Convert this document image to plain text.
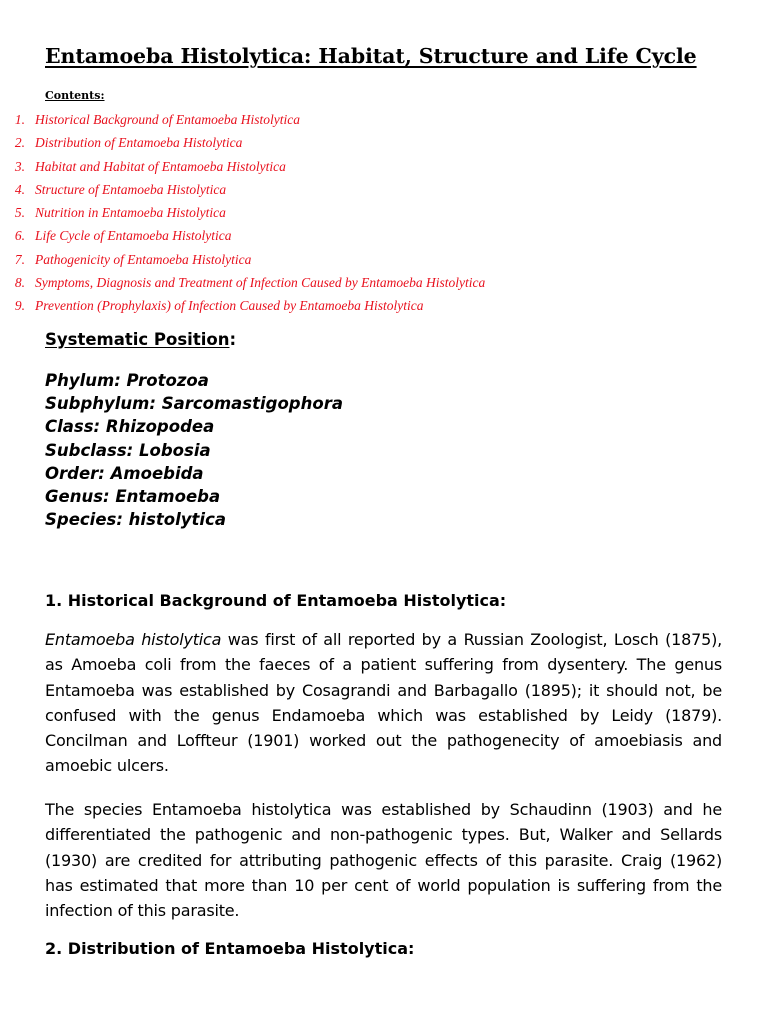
Entamoeba Histolytica: Habitat, Structure and Life Cycle
Contents:
1. Historical Background of Entamoeba Histolytica
2. Distribution of Entamoeba Histolytica
3. Habitat and Habitat of Entamoeba Histolytica
4. Structure of Entamoeba Histolytica
5. Nutrition in Entamoeba Histolytica
6. Life Cycle of Entamoeba Histolytica
7. Pathogenicity of Entamoeba Histolytica
8. Symptoms, Diagnosis and Treatment of Infection Caused by Entamoeba Histolytica
9. Prevention (Prophylaxis) of Infection Caused by Entamoeba Histolytica
Systematic Position:
Phylum: Protozoa
Subphylum: Sarcomastigophora
Class: Rhizopodea
Subclass: Lobosia
Order: Amoebida
Genus: Entamoeba
Species: histolytica
1. Historical Background of Entamoeba Histolytica:

Entamoeba histolytica was first of all reported by a Russian Zoologist, Losch (1875), as Amoeba coli from the faeces of a patient suffering from dysentery. The genus Entamoeba was established by Cosagrandi and Barbagallo (1895); it should not, be confused with the genus Endamoeba which was established by Leidy (1879). Concilman and Loffteur (1901) worked out the pathogenecity of amoebiasis and amoebic ulcers.

The species Entamoeba histolytica was established by Schaudinn (1903) and he differentiated the pathogenic and non-pathogenic types. But, Walker and Sellards (1930) are credited for attributing pathogenic effects of this parasite. Craig (1962) has estimated that more than 10 per cent of world population is suffering from the infection of this parasite.

2. Distribution of Entamoeba Histolytica:
